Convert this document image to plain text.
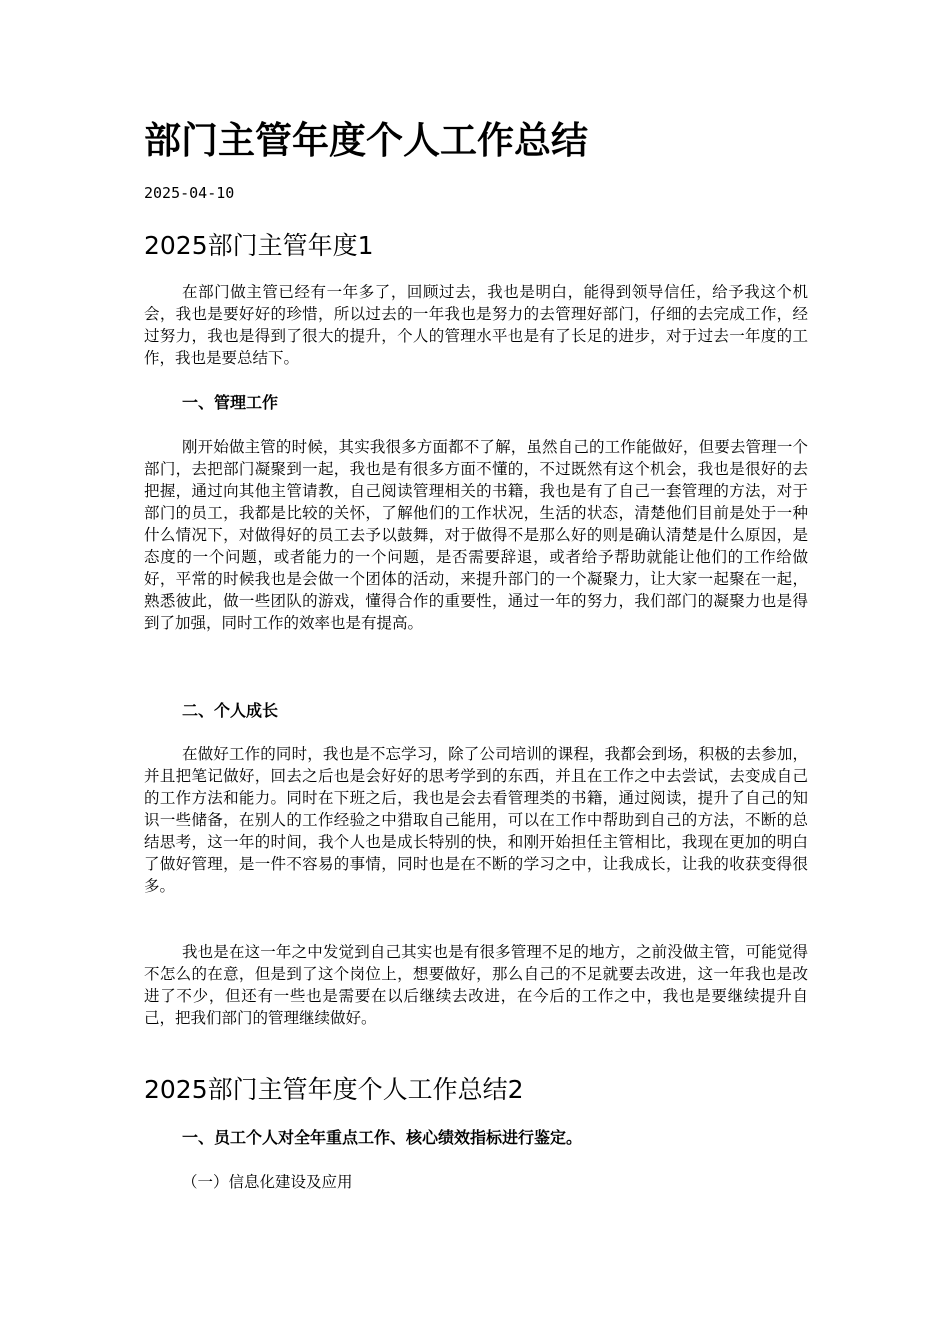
部门主管年度个人工作总结
2025-04-10
2025部门主管年度1

在部门做主管已经有一年多了，回顾过去，我也是明白，能得到领导信任，给予我这个机会，我也是要好好的珍惜，所以过去的一年我也是努力的去管理好部门，仔细的去完成工作，经过努力，我也是得到了很大的提升，个人的管理水平也是有了长足的进步，对于过去一年度的工作，我也是要总结下。

一、管理工作

刚开始做主管的时候，其实我很多方面都不了解，虽然自己的工作能做好，但要去管理一个部门，去把部门凝聚到一起，我也是有很多方面不懂的，不过既然有这个机会，我也是很好的去把握，通过向其他主管请教，自己阅读管理相关的书籍，我也是有了自己一套管理的方法，对于部门的员工，我都是比较的关怀，了解他们的工作状况，生活的状态，清楚他们目前是处于一种什么情况下，对做得好的员工去予以鼓舞，对于做得不是那么好的则是确认清楚是什么原因，是态度的一个问题，或者能力的一个问题，是否需要辞退，或者给予帮助就能让他们的工作给做好，平常的时候我也是会做一个团体的活动，来提升部门的一个凝聚力，让大家一起聚在一起，熟悉彼此，做一些团队的游戏，懂得合作的重要性，通过一年的努力，我们部门的凝聚力也是得到了加强，同时工作的效率也是有提高。

二、个人成长

在做好工作的同时，我也是不忘学习，除了公司培训的课程，我都会到场，积极的去参加，并且把笔记做好，回去之后也是会好好的思考学到的东西，并且在工作之中去尝试，去变成自己的工作方法和能力。同时在下班之后，我也是会去看管理类的书籍，通过阅读，提升了自己的知识一些储备，在别人的工作经验之中猎取自己能用，可以在工作中帮助到自己的方法，不断的总结思考，这一年的时间，我个人也是成长特别的快，和刚开始担任主管相比，我现在更加的明白了做好管理，是一件不容易的事情，同时也是在不断的学习之中，让我成长，让我的收获变得很多。

我也是在这一年之中发觉到自己其实也是有很多管理不足的地方，之前没做主管，可能觉得不怎么的在意，但是到了这个岗位上，想要做好，那么自己的不足就要去改进，这一年我也是改进了不少，但还有一些也是需要在以后继续去改进，在今后的工作之中，我也是要继续提升自己，把我们部门的管理继续做好。

2025部门主管年度个人工作总结2
一、员工个人对全年重点工作、核心绩效指标进行鉴定。

（一）信息化建设及应用
